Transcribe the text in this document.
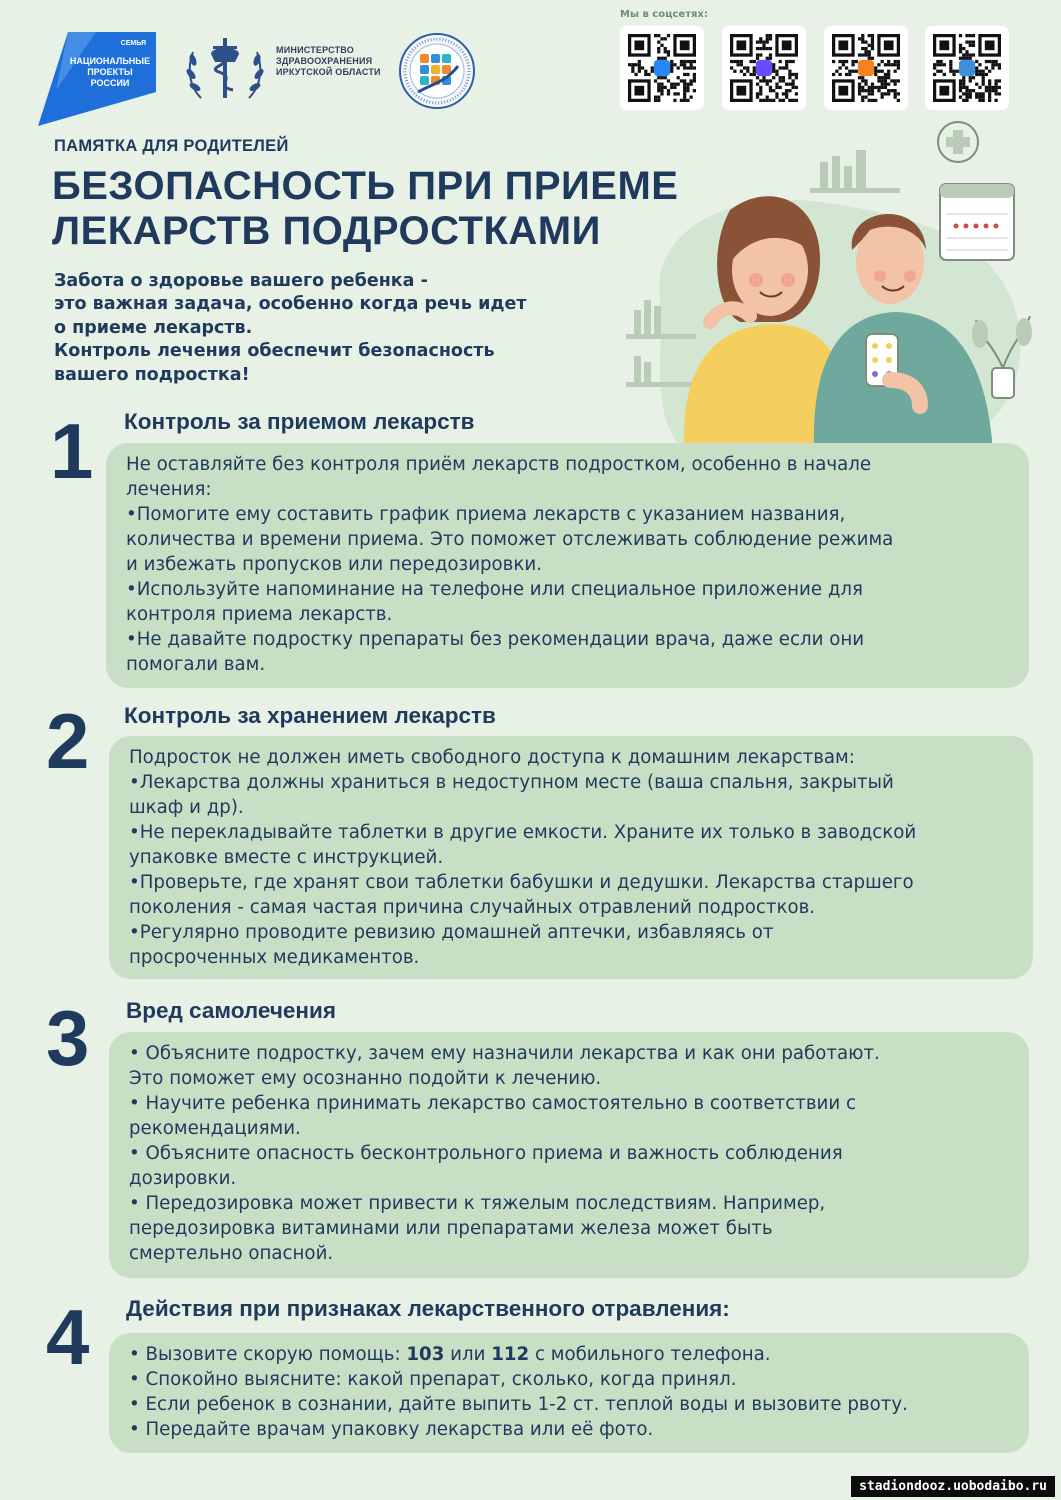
СЕМЬЯ
НАЦИОНАЛЬНЫЕ
ПРОЕКТЫ
РОССИИ
МИНИСТЕРСТВО
ЗДРАВООХРАНЕНИЯ
ИРКУТСКОЙ ОБЛАСТИ
Мы в соцсетях:
ПАМЯТКА ДЛЯ РОДИТЕЛЕЙ
БЕЗОПАСНОСТЬ ПРИ ПРИЕМЕ
ЛЕКАРСТВ ПОДРОСТКАМИ
Забота о здоровье вашего ребенка -
это важная задача, особенно когда речь идет
о приеме лекарств.
Контроль лечения обеспечит безопасность
вашего подростка!
1 Контроль за приемом лекарств

Не оставляйте без контроля приём лекарств подростком, особенно в начале

лечения:

•Помогите ему составить график приема лекарств с указанием названия,

количества и времени приема. Это поможет отслеживать соблюдение режима

и избежать пропусков или передозировки.

•Используйте напоминание на телефоне или специальное приложение для

контроля приема лекарств.

•Не давайте подростку препараты без рекомендации врача, даже если они

помогали вам.

2 Контроль за хранением лекарств

Подросток не должен иметь свободного доступа к домашним лекарствам:

•Лекарства должны храниться в недоступном месте (ваша спальня, закрытый

шкаф и др).

•Не перекладывайте таблетки в другие емкости. Храните их только в заводской

упаковке вместе с инструкцией.

•Проверьте, где хранят свои таблетки бабушки и дедушки. Лекарства старшего

поколения - самая частая причина случайных отравлений подростков.

•Регулярно проводите ревизию домашней аптечки, избавляясь от

просроченных медикаментов.

3 Вред самолечения

• Объясните подростку, зачем ему назначили лекарства и как они работают.

Это поможет ему осознанно подойти к лечению.

• Научите ребенка принимать лекарство самостоятельно в соответствии с

рекомендациями.

• Объясните опасность бесконтрольного приема и важность соблюдения

дозировки.

• Передозировка может привести к тяжелым последствиям. Например,

передозировка витаминами или препаратами железа может быть

смертельно опасной.

4 Действия при признаках лекарственного отравления:

• Вызовите скорую помощь: 103 или 112 с мобильного телефона.

• Спокойно выясните: какой препарат, сколько, когда принял.

• Если ребенок в сознании, дайте выпить 1-2 ст. теплой воды и вызовите рвоту.

• Передайте врачам упаковку лекарства или её фото.

stadiondooz.uobodaibo.ru
